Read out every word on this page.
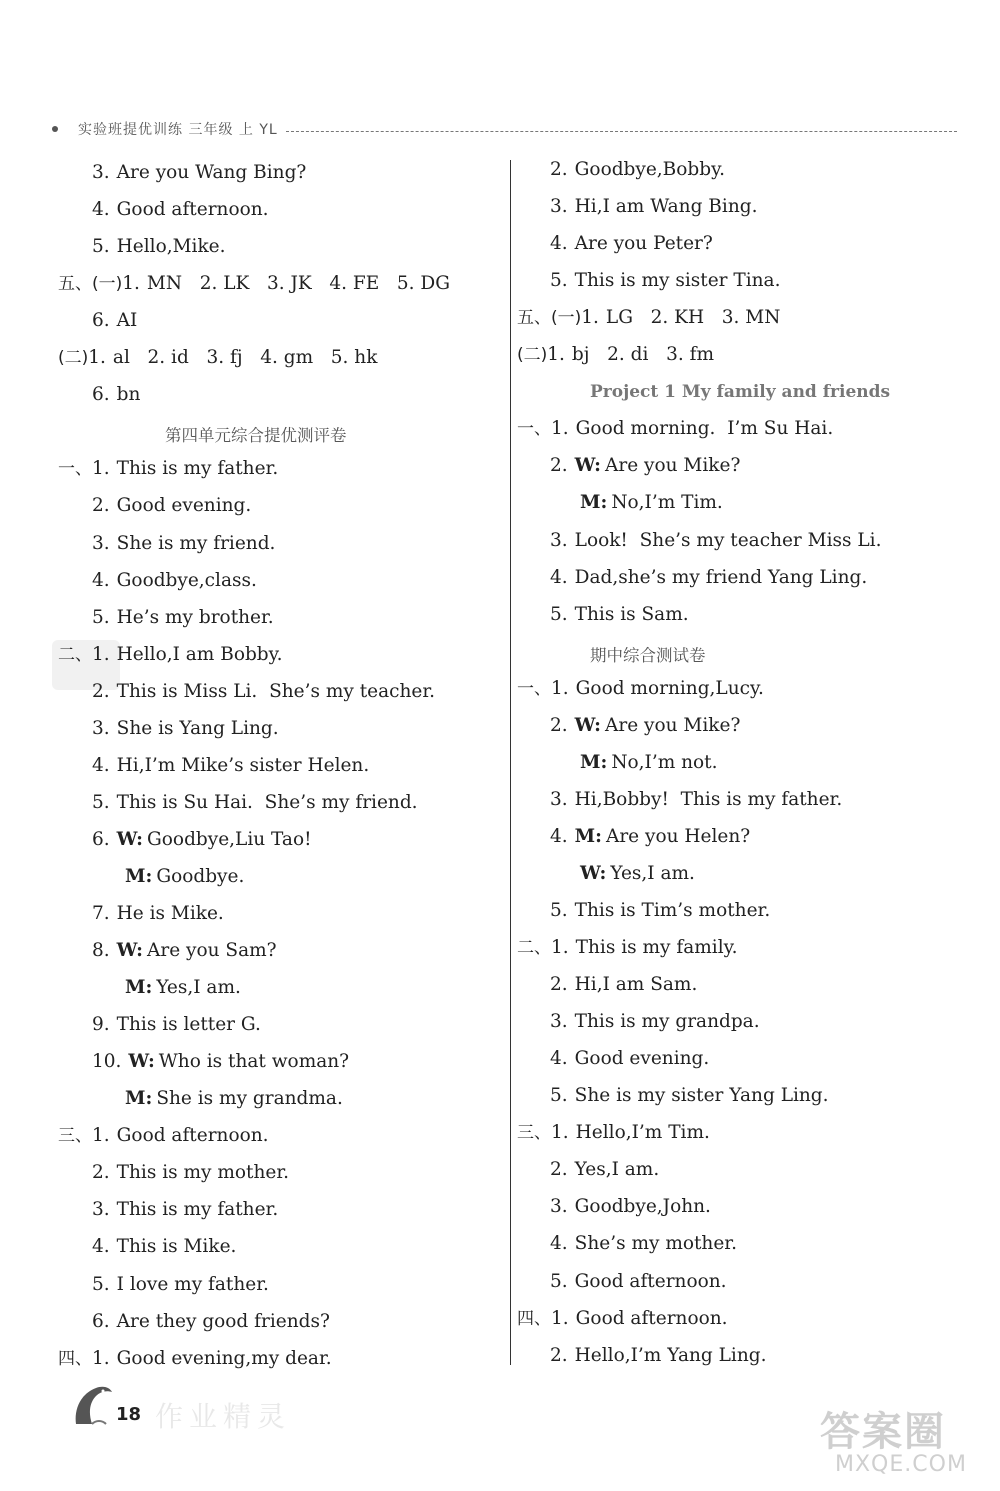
实验班提优训练 三年级 上 YL
3. Are you Wang Bing?
4. Good afternoon.
5. Hello,Mike.
五、(一) 1. MN   2. LK   3. JK   4. FE   5. DG
6. AI
(二) 1. al   2. id   3. fj   4. gm   5. hk
6. bn
第四单元综合提优测评卷
一、 1. This is my father.
2. Good evening.
3. She is my friend.
4. Goodbye,class.
5. He’s my brother.
二、 1. Hello,I am Bobby.
2. This is Miss Li.  She’s my teacher.
3. She is Yang Ling.
4. Hi,I’m Mike’s sister Helen.
5. This is Su Hai.  She’s my friend.
6. W: Goodbye,Liu Tao!
M: Goodbye.
7. He is Mike.
8. W: Are you Sam?
M: Yes,I am.
9. This is letter G.
10. W: Who is that woman?
M: She is my grandma.
三、 1. Good afternoon.
2. This is my mother.
3. This is my father.
4. This is Mike.
5. I love my father.
6. Are they good friends?
四、 1. Good evening,my dear.
2. Goodbye,Bobby.
3. Hi,I am Wang Bing.
4. Are you Peter?
5. This is my sister Tina.
五、(一) 1. LG   2. KH   3. MN
(二) 1. bj   2. di   3. fm
Project 1 My family and friends
一、 1. Good morning.  I’m Su Hai.
2. W: Are you Mike?
M: No,I’m Tim.
3. Look!  She’s my teacher Miss Li.
4. Dad,she’s my friend Yang Ling.
5. This is Sam.
期中综合测试卷
一、 1. Good morning,Lucy.
2. W: Are you Mike?
M: No,I’m not.
3. Hi,Bobby!  This is my father.
4. M: Are you Helen?
W: Yes,I am.
5. This is Tim’s mother.
二、 1. This is my family.
2. Hi,I am Sam.
3. This is my grandpa.
4. Good evening.
5. She is my sister Yang Ling.
三、 1. Hello,I’m Tim.
2. Yes,I am.
3. Goodbye,John.
4. She’s my mother.
5. Good afternoon.
四、 1. Good afternoon.
2. Hello,I’m Yang Ling.
18 作业精灵	答案圈
MXQE.COM
